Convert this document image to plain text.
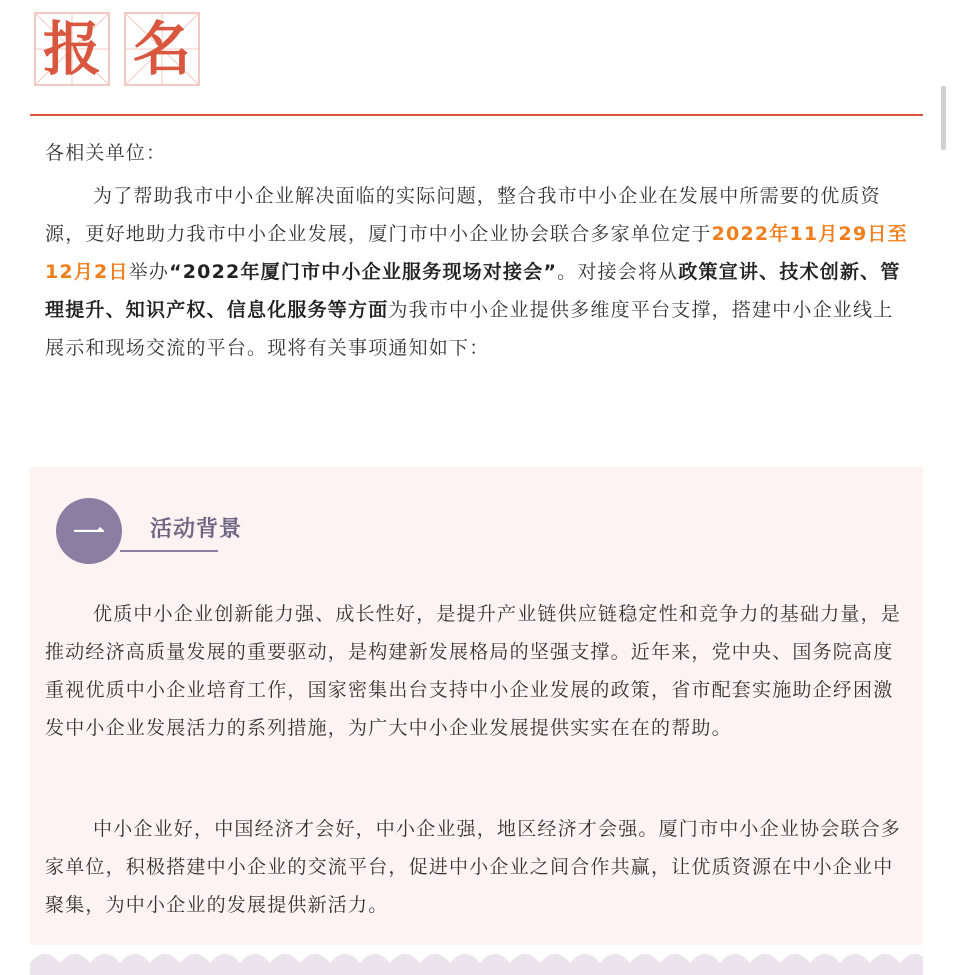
报 名

各相关单位：

为了帮助我市中小企业解决面临的实际问题，整合我市中小企业在发展中所需要的优质资源，更好地助力我市中小企业发展，厦门市中小企业协会联合多家单位定于2022年11月29日至12月2日举办“2022年厦门市中小企业服务现场对接会”。对接会将从政策宣讲、技术创新、管理提升、知识产权、信息化服务等方面为我市中小企业提供多维度平台支撑，搭建中小企业线上展示和现场交流的平台。现将有关事项通知如下：

一	活动背景

优质中小企业创新能力强、成长性好，是提升产业链供应链稳定性和竞争力的基础力量，是推动经济高质量发展的重要驱动，是构建新发展格局的坚强支撑。近年来，党中央、国务院高度重视优质中小企业培育工作，国家密集出台支持中小企业发展的政策，省市配套实施助企纾困激发中小企业发展活力的系列措施，为广大中小企业发展提供实实在在的帮助。

中小企业好，中国经济才会好，中小企业强，地区经济才会强。厦门市中小企业协会联合多家单位，积极搭建中小企业的交流平台，促进中小企业之间合作共赢，让优质资源在中小企业中聚集，为中小企业的发展提供新活力。
